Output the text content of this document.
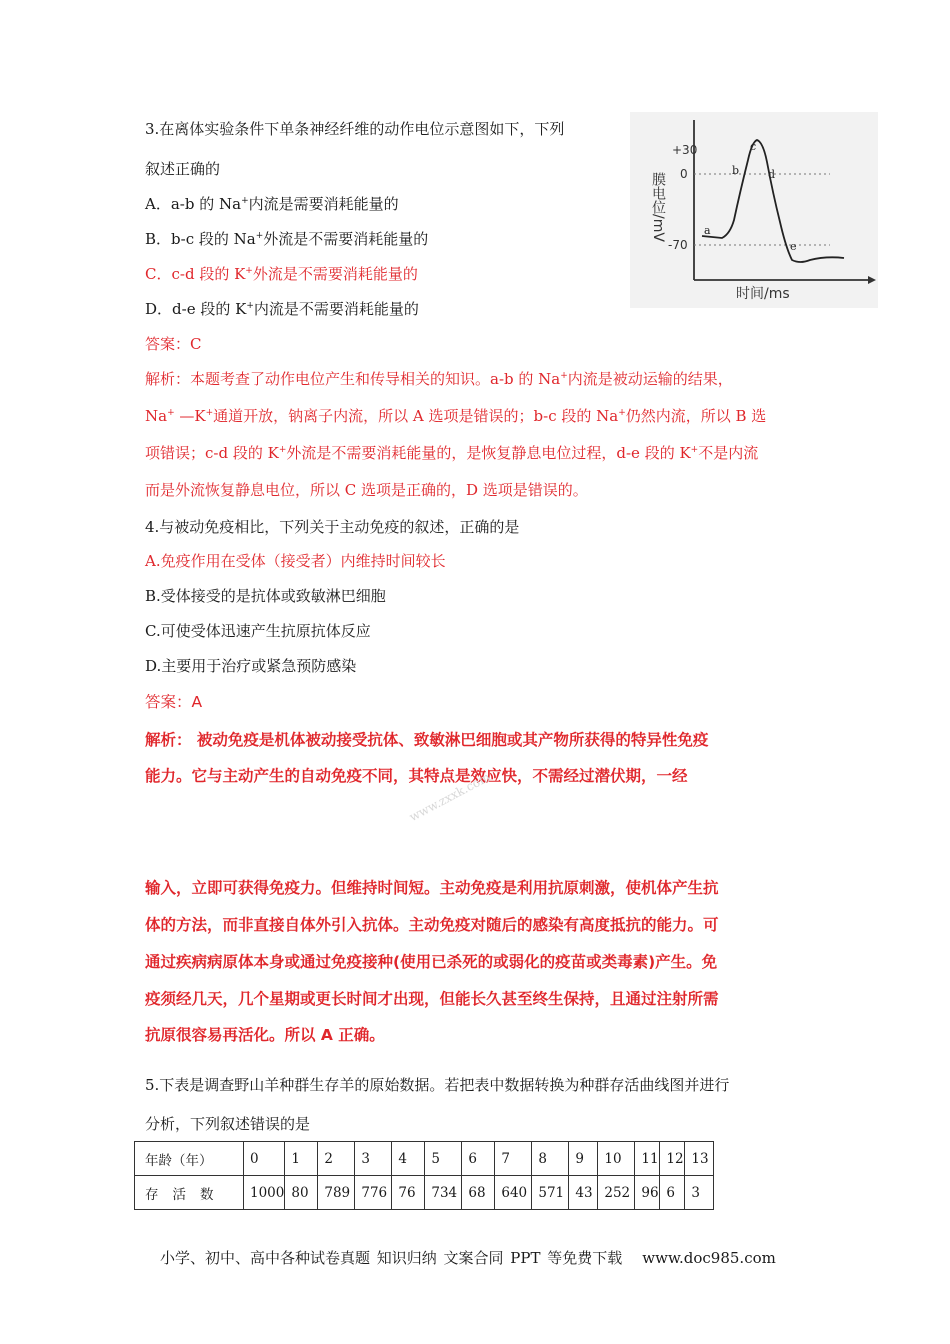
3.在离体实验条件下单条神经纤维的动作电位示意图如下，下列
叙述正确的
A．a-b 的 Na+内流是需要消耗能量的
B．b-c 段的 Na+外流是不需要消耗能量的
C．c-d 段的 K+外流是不需要消耗能量的
D．d-e 段的 K+内流是不需要消耗能量的
答案：C
解析：本题考查了动作电位产生和传导相关的知识。a-b 的 Na+内流是被动运输的结果，
Na+ —K+通道开放，钠离子内流，所以 A 选项是错误的；b-c 段的 Na+仍然内流，所以 B 选
项错误；c-d 段的 K+外流是不需要消耗能量的，是恢复静息电位过程，d-e 段的 K+不是内流
而是外流恢复静息电位，所以 C 选项是正确的，D 选项是错误的。
+30
0
-70
膜电位/mV	a
b
c
d
e
时间/ms
4.与被动免疫相比，下列关于主动免疫的叙述，正确的是
A.免疫作用在受体（接受者）内维持时间较长
B.受体接受的是抗体或致敏淋巴细胞
C.可使受体迅速产生抗原抗体反应
D.主要用于治疗或紧急预防感染
答案：A
解析： 被动免疫是机体被动接受抗体、致敏淋巴细胞或其产物所获得的特异性免疫
能力。它与主动产生的自动免疫不同，其特点是效应快，不需经过潜伏期，一经
www.zxxk.com
输入，立即可获得免疫力。但维持时间短。主动免疫是利用抗原刺激，使机体产生抗
体的方法，而非直接自体外引入抗体。主动免疫对随后的感染有高度抵抗的能力。可
通过疾病病原体本身或通过免疫接种(使用已杀死的或弱化的疫苗或类毒素)产生。免
疫须经几天，几个星期或更长时间才出现，但能长久甚至终生保持，且通过注射所需
抗原很容易再活化。所以 A 正确。
5.下表是调查野山羊种群生存羊的原始数据。若把表中数据转换为种群存活曲线图并进行
分析，下列叙述错误的是
年龄（年）	0	1	2	3	4	5	6	7	8	9	10	11	12	13
存活数	1000	80	789	776	76	734	68	640	571	43	252	96	6	3
小学、初中、高中各种试卷真题 知识归纳 文案合同 PPT 等免费下载 www.doc985.com
